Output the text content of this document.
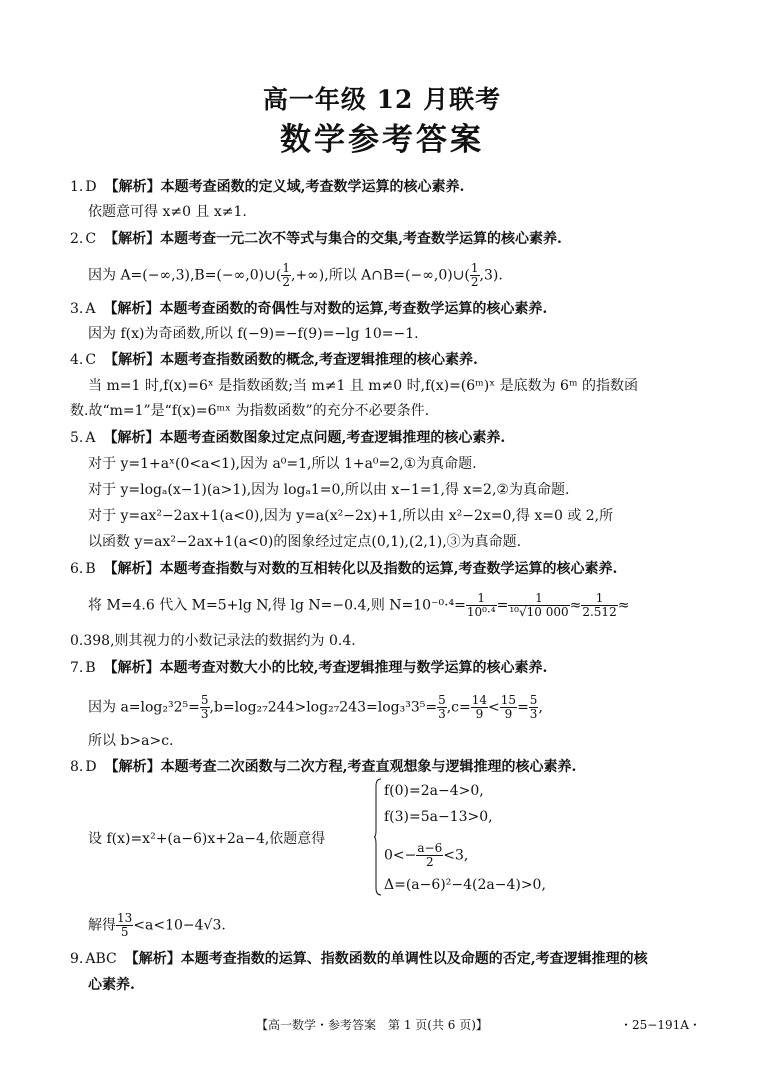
高一年级 12 月联考
数学参考答案
1. D 【解析】本题考查函数的定义域,考查数学运算的核心素养.
依题意可得 x≠0 且 x≠1.
2. C 【解析】本题考查一元二次不等式与集合的交集,考查数学运算的核心素养.
因为 A=(−∞,3),B=(−∞,0)∪( $\frac{1}{2}$ ,+∞),所以 A∩B=(−∞,0)∪( $\frac{1}{2} ,3$).
3. A 【解析】本题考查函数的奇偶性与对数的运算,考查数学运算的核心素养.
因为 f(x)为奇函数,所以 f(−9)=−f(9)=−lg 10=−1.
4. C 【解析】本题考查指数函数的概念,考查逻辑推理的核心素养.
当 m=1 时,f(x)=6ˣ 是指数函数;当 m≠1 且 m≠0 时,f(x)=(6ᵐ)ˣ 是底数为 6ᵐ 的指数函
数.故“m=1”是“f(x)=6ᵐˣ 为指数函数”的充分不必要条件.
5. A 【解析】本题考查函数图象过定点问题,考查逻辑推理的核心素养.
对于 y=1+aˣ(0<a<1),因为 a⁰=1,所以 1+a⁰=2,①为真命题.
对于 y=logₐ(x−1)(a>1),因为 logₐ1=0,所以由 x−1=1,得 x=2,②为真命题.
对于 y=ax²−2ax+1(a<0),因为 y=a(x²−2x)+1,所以由 x²−2x=0,得 x=0 或 2,所
以函数 y=ax²−2ax+1(a<0)的图象经过定点(0,1),(2,1),③为真命题.
6. B 【解析】本题考查指数与对数的互相转化以及指数的运算,考查数学运算的核心素养.
将 M=4.6 代入 M=5+lg N,得 lg N=−0.4,则 $N=10^{-0}\cdot^4= \frac{1}{\text{10⁰·⁴}} = \frac{1}{\text{¹⁰√10 000}} \approx \frac{1}{2.512}$ ≈
0.398,则其视力的小数记录法的数据约为 0.4.
7. B 【解析】本题考查对数大小的比较,考查逻辑推理与数学运算的核心素养.
因为 $a=\log_2^32^5= \frac{5}{3} ,b=\log_{27}244>\log_{27}243=\log_3^33^5= \frac{5}{3} ,c= \frac{14}{9} < \frac{15}{9} = \frac{5}{3}$ ,
所以 b>a>c.
8. D 【解析】本题考查二次函数与二次方程,考查直观想象与逻辑推理的核心素养.
设 f(x)=x²+(a−6)x+2a−4,依题意得
f(0)=2a−4>0,
f(3)=5a−13>0,
$0<- \frac{a-6}{2} <3$,
Δ=(a−6)²−4(2a−4)>0,
解得 $\frac{13}{5} <a<10-4√3$.
9. ABC 【解析】本题考查指数的运算、指数函数的单调性以及命题的否定,考查逻辑推理的核
心素养.
【高一数学・参考答案　第 1 页(共 6 页)】	・25−191A・
